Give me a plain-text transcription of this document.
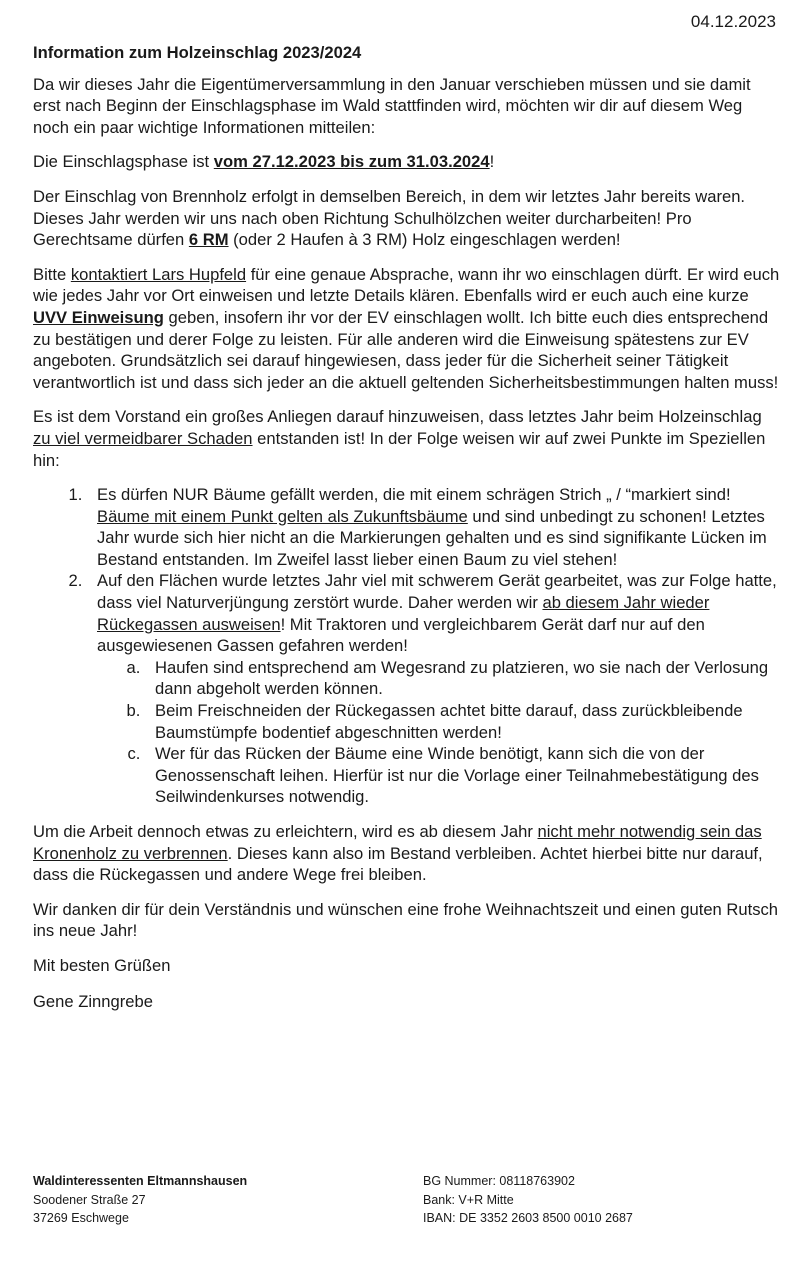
04.12.2023
Information zum Holzeinschlag 2023/2024

Da wir dieses Jahr die Eigentümerversammlung in den Januar verschieben müssen und sie damit erst nach Beginn der Einschlagsphase im Wald stattfinden wird, möchten wir dir auf diesem Weg noch ein paar wichtige Informationen mitteilen:

Die Einschlagsphase ist vom 27.12.2023 bis zum 31.03.2024!

Der Einschlag von Brennholz erfolgt in demselben Bereich, in dem wir letztes Jahr bereits waren. Dieses Jahr werden wir uns nach oben Richtung Schulhölzchen weiter durcharbeiten! Pro Gerechtsame dürfen 6 RM (oder 2 Haufen à 3 RM) Holz eingeschlagen werden!

Bitte kontaktiert Lars Hupfeld für eine genaue Absprache, wann ihr wo einschlagen dürft. Er wird euch wie jedes Jahr vor Ort einweisen und letzte Details klären. Ebenfalls wird er euch auch eine kurze UVV Einweisung geben, insofern ihr vor der EV einschlagen wollt. Ich bitte euch dies entsprechend zu bestätigen und derer Folge zu leisten. Für alle anderen wird die Einweisung spätestens zur EV angeboten. Grundsätzlich sei darauf hingewiesen, dass jeder für die Sicherheit seiner Tätigkeit verantwortlich ist und dass sich jeder an die aktuell geltenden Sicherheitsbestimmungen halten muss!

Es ist dem Vorstand ein großes Anliegen darauf hinzuweisen, dass letztes Jahr beim Holzeinschlag zu viel vermeidbarer Schaden entstanden ist! In der Folge weisen wir auf zwei Punkte im Speziellen hin:

1. Es dürfen NUR Bäume gefällt werden, die mit einem schrägen Strich „ / “markiert sind! Bäume mit einem Punkt gelten als Zukunftsbäume und sind unbedingt zu schonen! Letztes Jahr wurde sich hier nicht an die Markierungen gehalten und es sind signifikante Lücken im Bestand entstanden. Im Zweifel lasst lieber einen Baum zu viel stehen!
2. Auf den Flächen wurde letztes Jahr viel mit schwerem Gerät gearbeitet, was zur Folge hatte, dass viel Naturverjüngung zerstört wurde. Daher werden wir ab diesem Jahr wieder Rückegassen ausweisen! Mit Traktoren und vergleichbarem Gerät darf nur auf den ausgewiesenen Gassen gefahren werden!
a. Haufen sind entsprechend am Wegesrand zu platzieren, wo sie nach der Verlosung dann abgeholt werden können.
b. Beim Freischneiden der Rückegassen achtet bitte darauf, dass zurückbleibende Baumstümpfe bodentief abgeschnitten werden!
c. Wer für das Rücken der Bäume eine Winde benötigt, kann sich die von der Genossenschaft leihen. Hierfür ist nur die Vorlage einer Teilnahmebestätigung des Seilwindenkurses notwendig.

Um die Arbeit dennoch etwas zu erleichtern, wird es ab diesem Jahr nicht mehr notwendig sein das Kronenholz zu verbrennen. Dieses kann also im Bestand verbleiben. Achtet hierbei bitte nur darauf, dass die Rückegassen und andere Wege frei bleiben.

Wir danken dir für dein Verständnis und wünschen eine frohe Weihnachtszeit und einen guten Rutsch ins neue Jahr!

Mit besten Grüßen
Gene Zinngrebe
Waldinteressenten Eltmannshausen
Soodener Straße 27
37269 Eschwege
BG Nummer: 08118763902
Bank: V+R Mitte
IBAN: DE 3352 2603 8500 0010 2687
